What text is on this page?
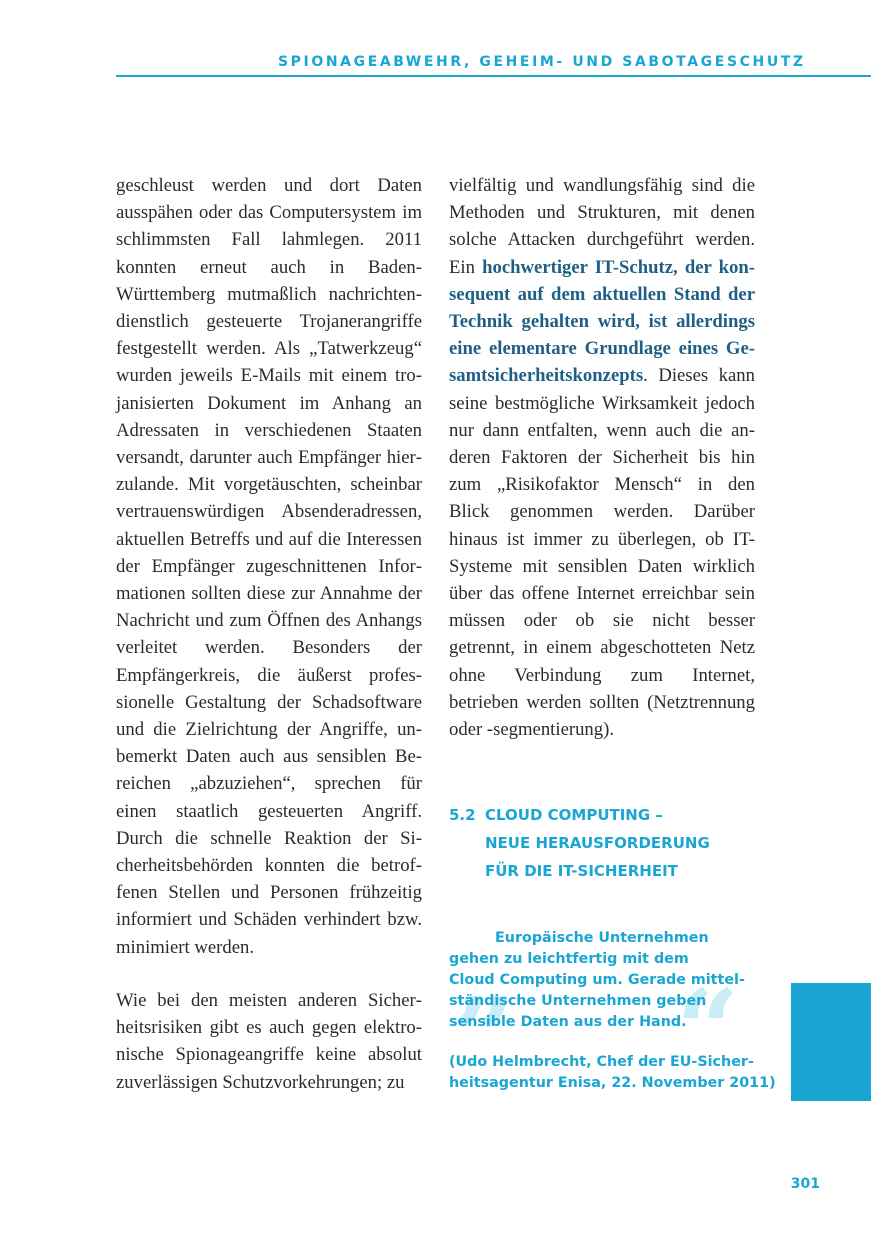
SPIONAGEABWEHR, GEHEIM- UND SABOTAGESCHUTZ

geschleust werden und dort Daten ausspähen oder das Computersystem im schlimmsten Fall lahmlegen. 2011 konnten erneut auch in Baden-Württemberg mutmaßlich nachrichtendienstlich gesteuerte Trojanerangriffe festgestellt werden. Als „Tatwerkzeug“ wurden jeweils E-Mails mit einem trojanisierten Dokument im Anhang an Adressaten in verschiedenen Staaten versandt, darunter auch Empfänger hierzulande. Mit vorgetäuschten, scheinbar vertrauenswürdigen Absenderadressen, aktuellen Betreffs und auf die Interessen der Empfänger zugeschnittenen Informationen sollten diese zur Annahme der Nachricht und zum Öffnen des Anhangs verleitet werden. Besonders der Empfängerkreis, die äußerst professionelle Gestaltung der Schadsoftware und die Zielrichtung der Angriffe, unbemerkt Daten auch aus sensiblen Bereichen „abzuziehen“, sprechen für einen staatlich gesteuerten Angriff. Durch die schnelle Reaktion der Sicherheitsbehörden konnten die betroffenen Stellen und Personen frühzeitig informiert und Schäden verhindert bzw. minimiert werden.

Wie bei den meisten anderen Sicherheitsrisiken gibt es auch gegen elektronische Spionageangriffe keine absolut zuverlässigen Schutzvorkehrungen; zu

vielfältig und wandlungsfähig sind die Methoden und Strukturen, mit denen solche Attacken durchgeführt werden. Ein hochwertiger IT-Schutz, der konsequent auf dem aktuellen Stand der Technik gehalten wird, ist allerdings eine elementare Grundlage eines Gesamtsicherheitskonzepts. Dieses kann seine bestmögliche Wirksamkeit jedoch nur dann entfalten, wenn auch die anderen Faktoren der Sicherheit bis hin zum „Risikofaktor Mensch“ in den Blick genommen werden. Darüber hinaus ist immer zu überlegen, ob IT-Systeme mit sensiblen Daten wirklich über das offene Internet erreichbar sein müssen oder ob sie nicht besser getrennt, in einem abgeschotteten Netz ohne Verbindung zum Internet, betrieben werden sollten (Netztrennung oder -segmentierung).

5.2 CLOUD COMPUTING –
NEUE HERAUSFORDERUNG
FÜR DIE IT-SICHERHEIT
„ “
Europäische Unternehmen
gehen zu leichtfertig mit dem
Cloud Computing um. Gerade mittel-
ständische Unternehmen geben
sensible Daten aus der Hand.
(Udo Helmbrecht, Chef der EU-Sicher-
heitsagentur Enisa, 22. November 2011)
301
